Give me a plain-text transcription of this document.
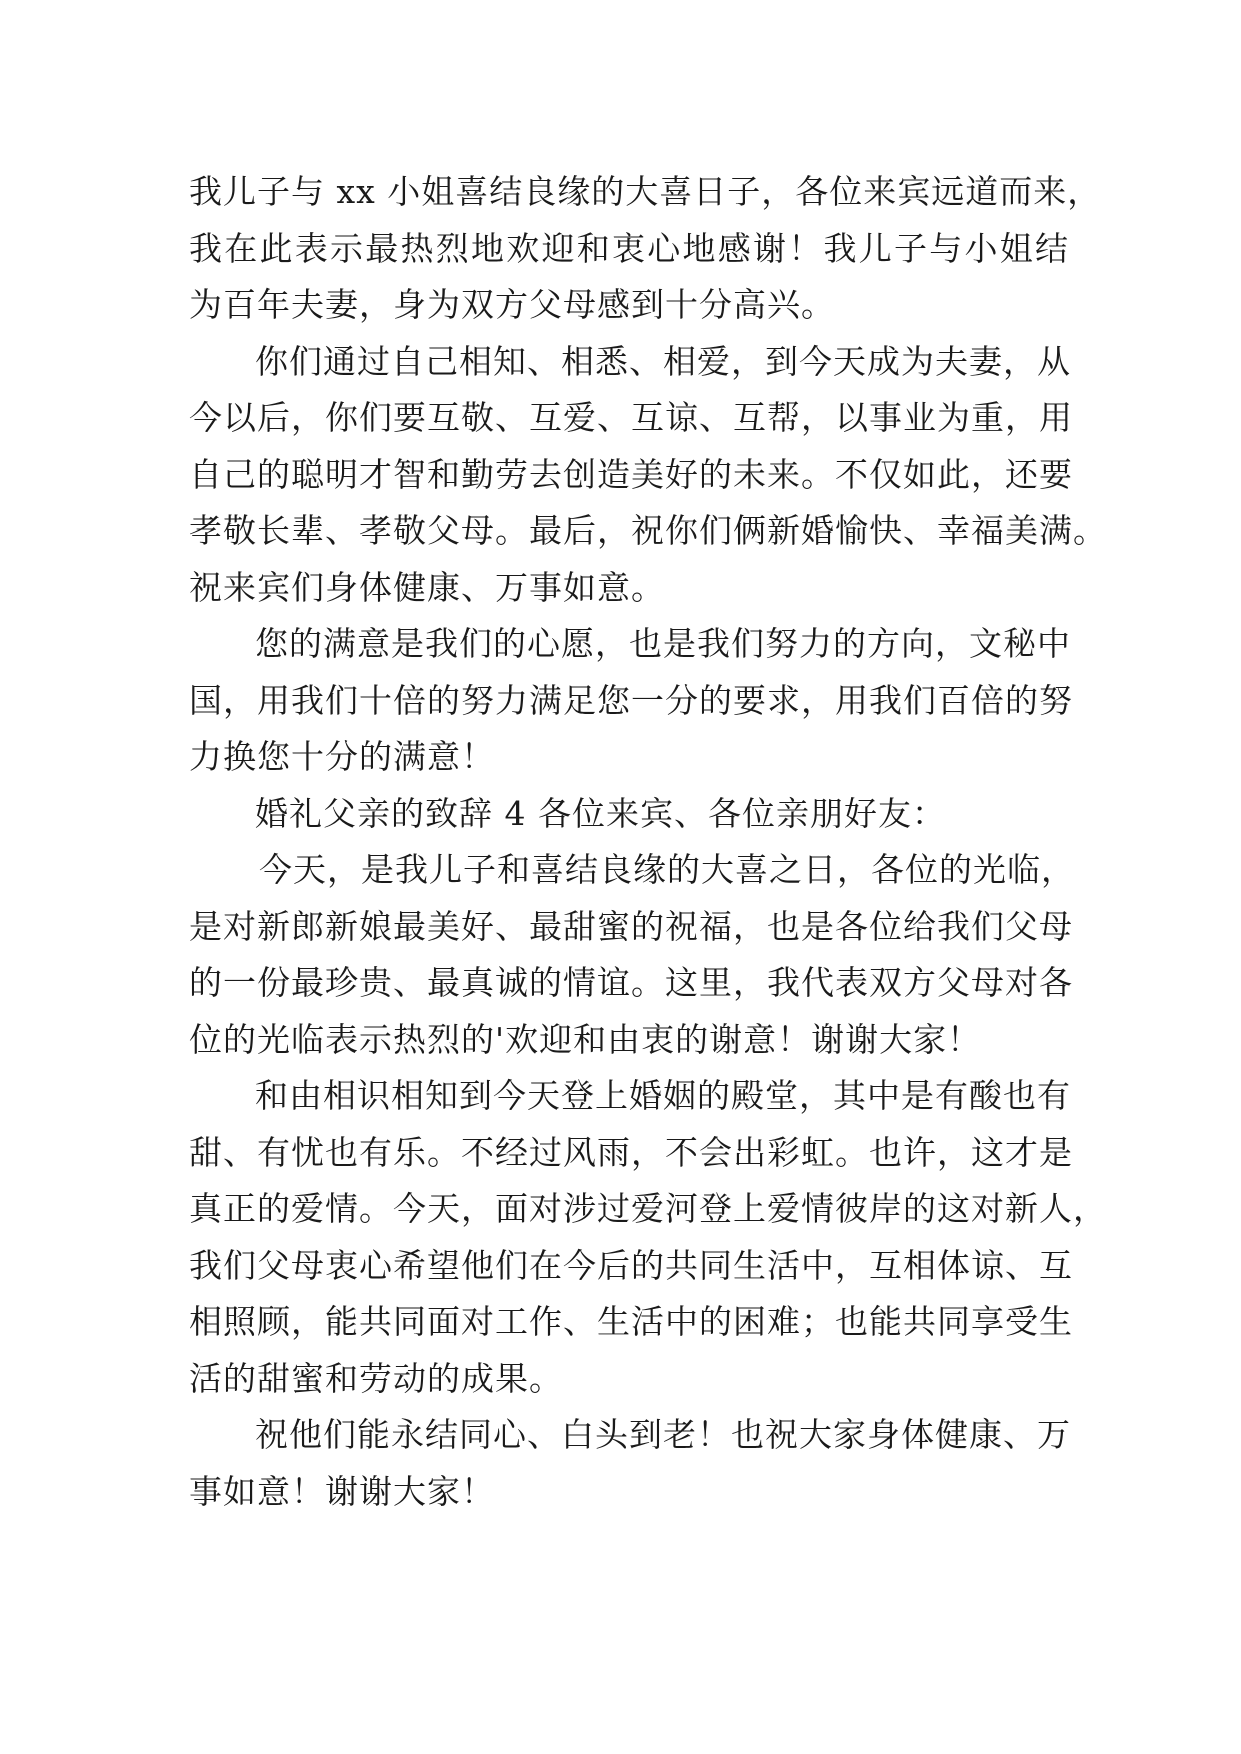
我儿子与 xx 小姐喜结良缘的大喜日子，各位来宾远道而来，
我在此表示最热烈地欢迎和衷心地感谢！我儿子与小姐结
为百年夫妻，身为双方父母感到十分高兴。
你们通过自己相知、相悉、相爱，到今天成为夫妻，从
今以后，你们要互敬、互爱、互谅、互帮，以事业为重，用
自己的聪明才智和勤劳去创造美好的未来。不仅如此，还要
孝敬长辈、孝敬父母。最后，祝你们俩新婚愉快、幸福美满。
祝来宾们身体健康、万事如意。
您的满意是我们的心愿，也是我们努力的方向，文秘中
国，用我们十倍的努力满足您一分的要求，用我们百倍的努
力换您十分的满意！
婚礼父亲的致辞 4 各位来宾、各位亲朋好友：
今天，是我儿子和喜结良缘的大喜之日，各位的光临，
是对新郎新娘最美好、最甜蜜的祝福，也是各位给我们父母
的一份最珍贵、最真诚的情谊。这里，我代表双方父母对各
位的光临表示热烈的'欢迎和由衷的谢意！谢谢大家！
和由相识相知到今天登上婚姻的殿堂，其中是有酸也有
甜、有忧也有乐。不经过风雨，不会出彩虹。也许，这才是
真正的爱情。今天，面对涉过爱河登上爱情彼岸的这对新人，
我们父母衷心希望他们在今后的共同生活中，互相体谅、互
相照顾，能共同面对工作、生活中的困难；也能共同享受生
活的甜蜜和劳动的成果。
祝他们能永结同心、白头到老！也祝大家身体健康、万
事如意！谢谢大家！
